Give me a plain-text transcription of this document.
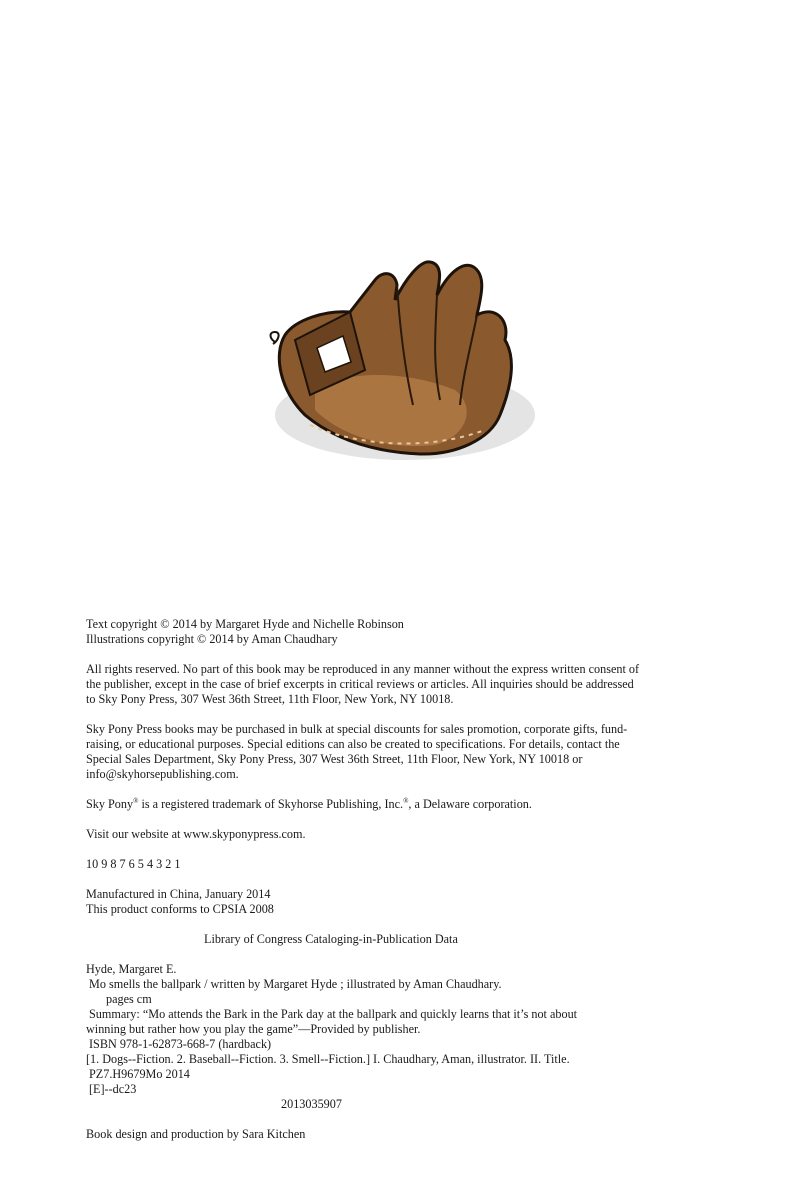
Text copyright © 2014 by Margaret Hyde and Nichelle Robinson
Illustrations copyright © 2014 by Aman Chaudhary

All rights reserved. No part of this book may be reproduced in any manner without the express written consent of the publisher, except in the case of brief excerpts in critical reviews or articles. All inquiries should be addressed to Sky Pony Press, 307 West 36th Street, 11th Floor, New York, NY 10018.

Sky Pony Press books may be purchased in bulk at special discounts for sales promotion, corporate gifts, fund-raising, or educational purposes. Special editions can also be created to specifications. For details, contact the Special Sales Department, Sky Pony Press, 307 West 36th Street, 11th Floor, New York, NY 10018 or info@skyhorsepublishing.com.

Sky Pony® is a registered trademark of Skyhorse Publishing, Inc.®, a Delaware corporation.

Visit our website at www.skyponypress.com.

10 9 8 7 6 5 4 3 2 1

Manufactured in China, January 2014
This product conforms to CPSIA 2008

Library of Congress Cataloging-in-Publication Data

Hyde, Margaret E.
Mo smells the ballpark / written by Margaret Hyde ; illustrated by Aman Chaudhary.
pages cm
Summary: “Mo attends the Bark in the Park day at the ballpark and quickly learns that it’s not about
winning but rather how you play the game”—Provided by publisher.
ISBN 978-1-62873-668-7 (hardback)
[1. Dogs--Fiction. 2. Baseball--Fiction. 3. Smell--Fiction.] I. Chaudhary, Aman, illustrator. II. Title.
PZ7.H9679Mo 2014
[E]--dc23
2013035907

Book design and production by Sara Kitchen
